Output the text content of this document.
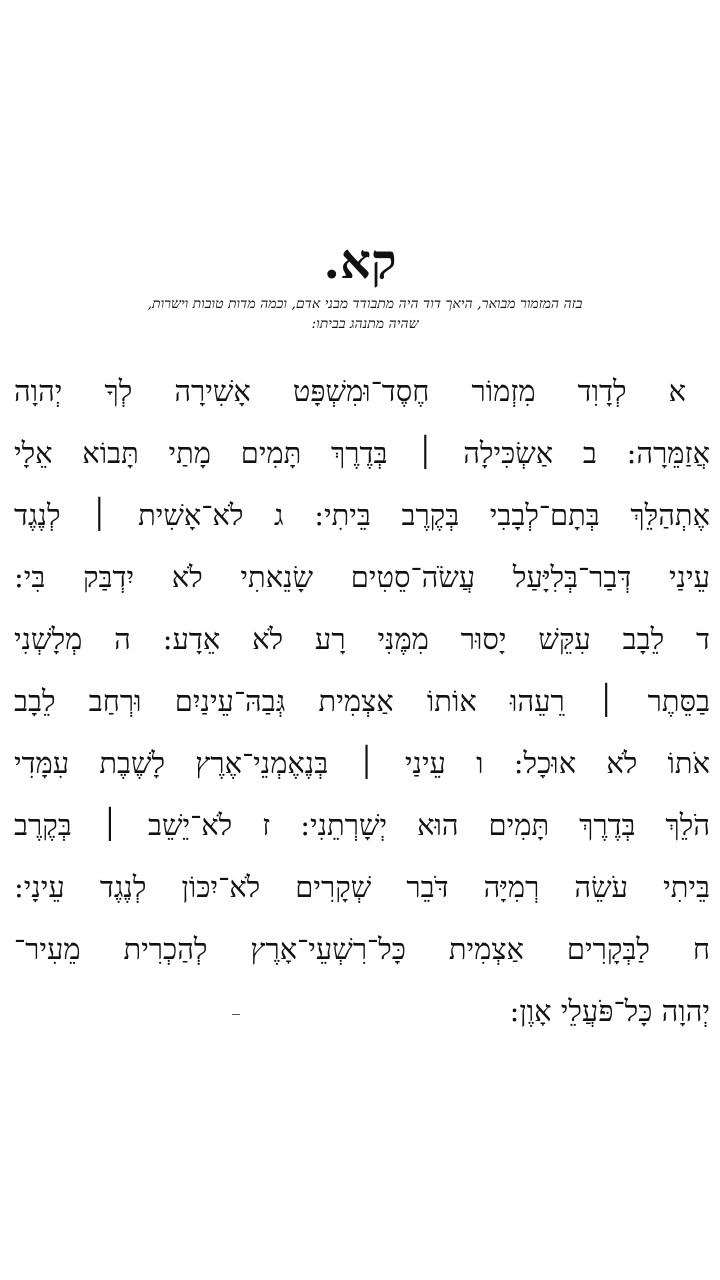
קא.
בזה המזמור מבואר, היאך דוד היה מתבודד מבני אדם, וכמה מדות טובות וישרות,
שהיה מתנהג בביתו:
א לְדָוִד מִזְמוֹר חֶסֶד־וּמִשְׁפָּט אָשִׁירָה לְךָ יְהוָה
אֲזַמֵּרָה: ב אַשְׂכִּילָה ׀ בְּדֶרֶךְ תָּמִים מָתַי תָּבוֹא אֵלָי
אֶתְהַלֵּךְ בְּתָם־לְבָבִי בְּקֶרֶב בֵּיתִי: ג לֹא־אָשִׁית ׀ לְנֶגֶד
עֵינַי דְּבַר־בְּלִיָּעַל עֲשֹׂה־סֵטִים שָׂנֵאתִי לֹא יִדְבַּק בִּי:
ד לֵבָב עִקֵּשׁ יָסוּר מִמֶּנִּי רָע לֹא אֵדָע: ה מְלָשְׁנִי
בַסֵּתֶר ׀ רֵעֵהוּ אוֹתוֹ אַצְמִית גְּבַהּ־עֵינַיִם וּרְחַב לֵבָב
אֹתוֹ לֹא אוּכָל: ו עֵינַי ׀ בְּנֶאֶמְנֵי־אֶרֶץ לָשֶׁבֶת עִמָּדִי
הֹלֵךְ בְּדֶרֶךְ תָּמִים הוּא יְשָׁרְתֵנִי: ז לֹא־יֵשֵׁב ׀ בְּקֶרֶב
בֵּיתִי עֹשֵׂה רְמִיָּה דֹּבֵר שְׁקָרִים לֹא־יִכּוֹן לְנֶגֶד עֵינָי:
ח לַבְּקָרִים אַצְמִית כָּל־רִשְׁעֵי־אָרֶץ לְהַכְרִית מֵעִיר־
יְהוָה כָּל־פֹּעֲלֵי אָוֶן:
